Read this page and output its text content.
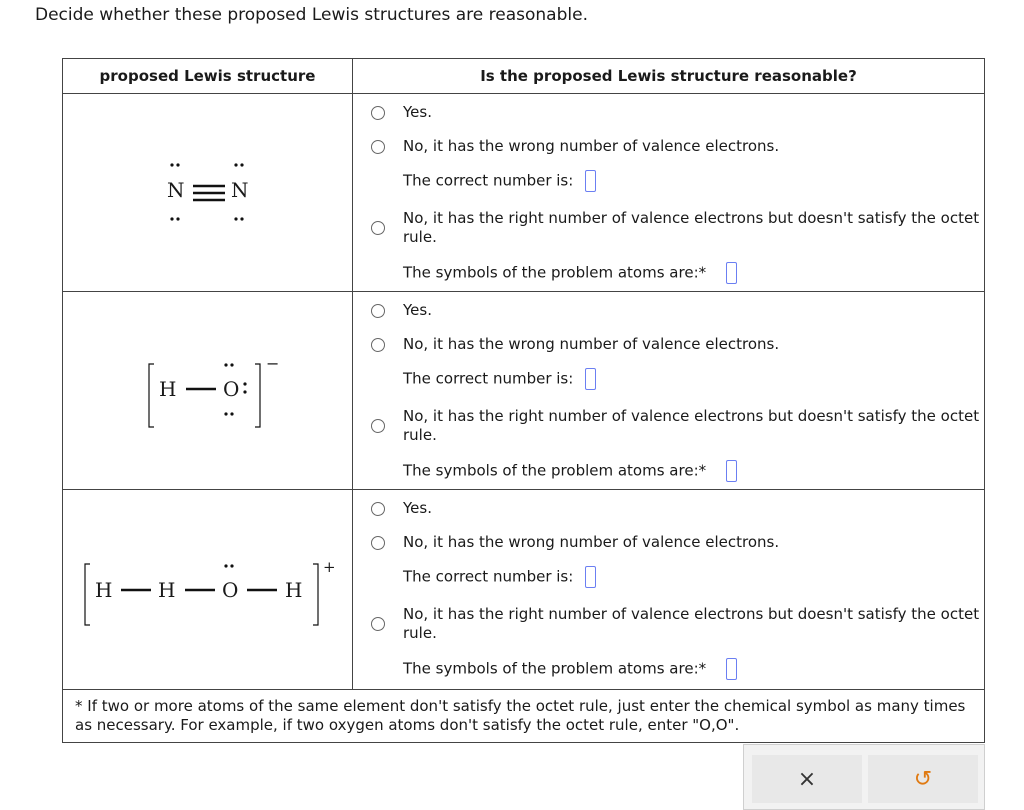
Decide whether these proposed Lewis structures are reasonable.
proposed Lewis structure	Is the proposed Lewis structure reasonable?
N N
Yes.
No, it has the wrong number of valence electrons.
The correct number is:
No, it has the right number of valence electrons but doesn't satisfy the octet rule.
The symbols of the problem atoms are:*
H O
−
Yes.
No, it has the wrong number of valence electrons.
The correct number is:
No, it has the right number of valence electrons but doesn't satisfy the octet rule.
The symbols of the problem atoms are:*
H H O H
+
Yes.
No, it has the wrong number of valence electrons.
The correct number is:
No, it has the right number of valence electrons but doesn't satisfy the octet rule.
The symbols of the problem atoms are:*
* If two or more atoms of the same element don't satisfy the octet rule, just enter the chemical symbol as many times as necessary. For example, if two oxygen atoms don't satisfy the octet rule, enter "O,O".
×	↺
